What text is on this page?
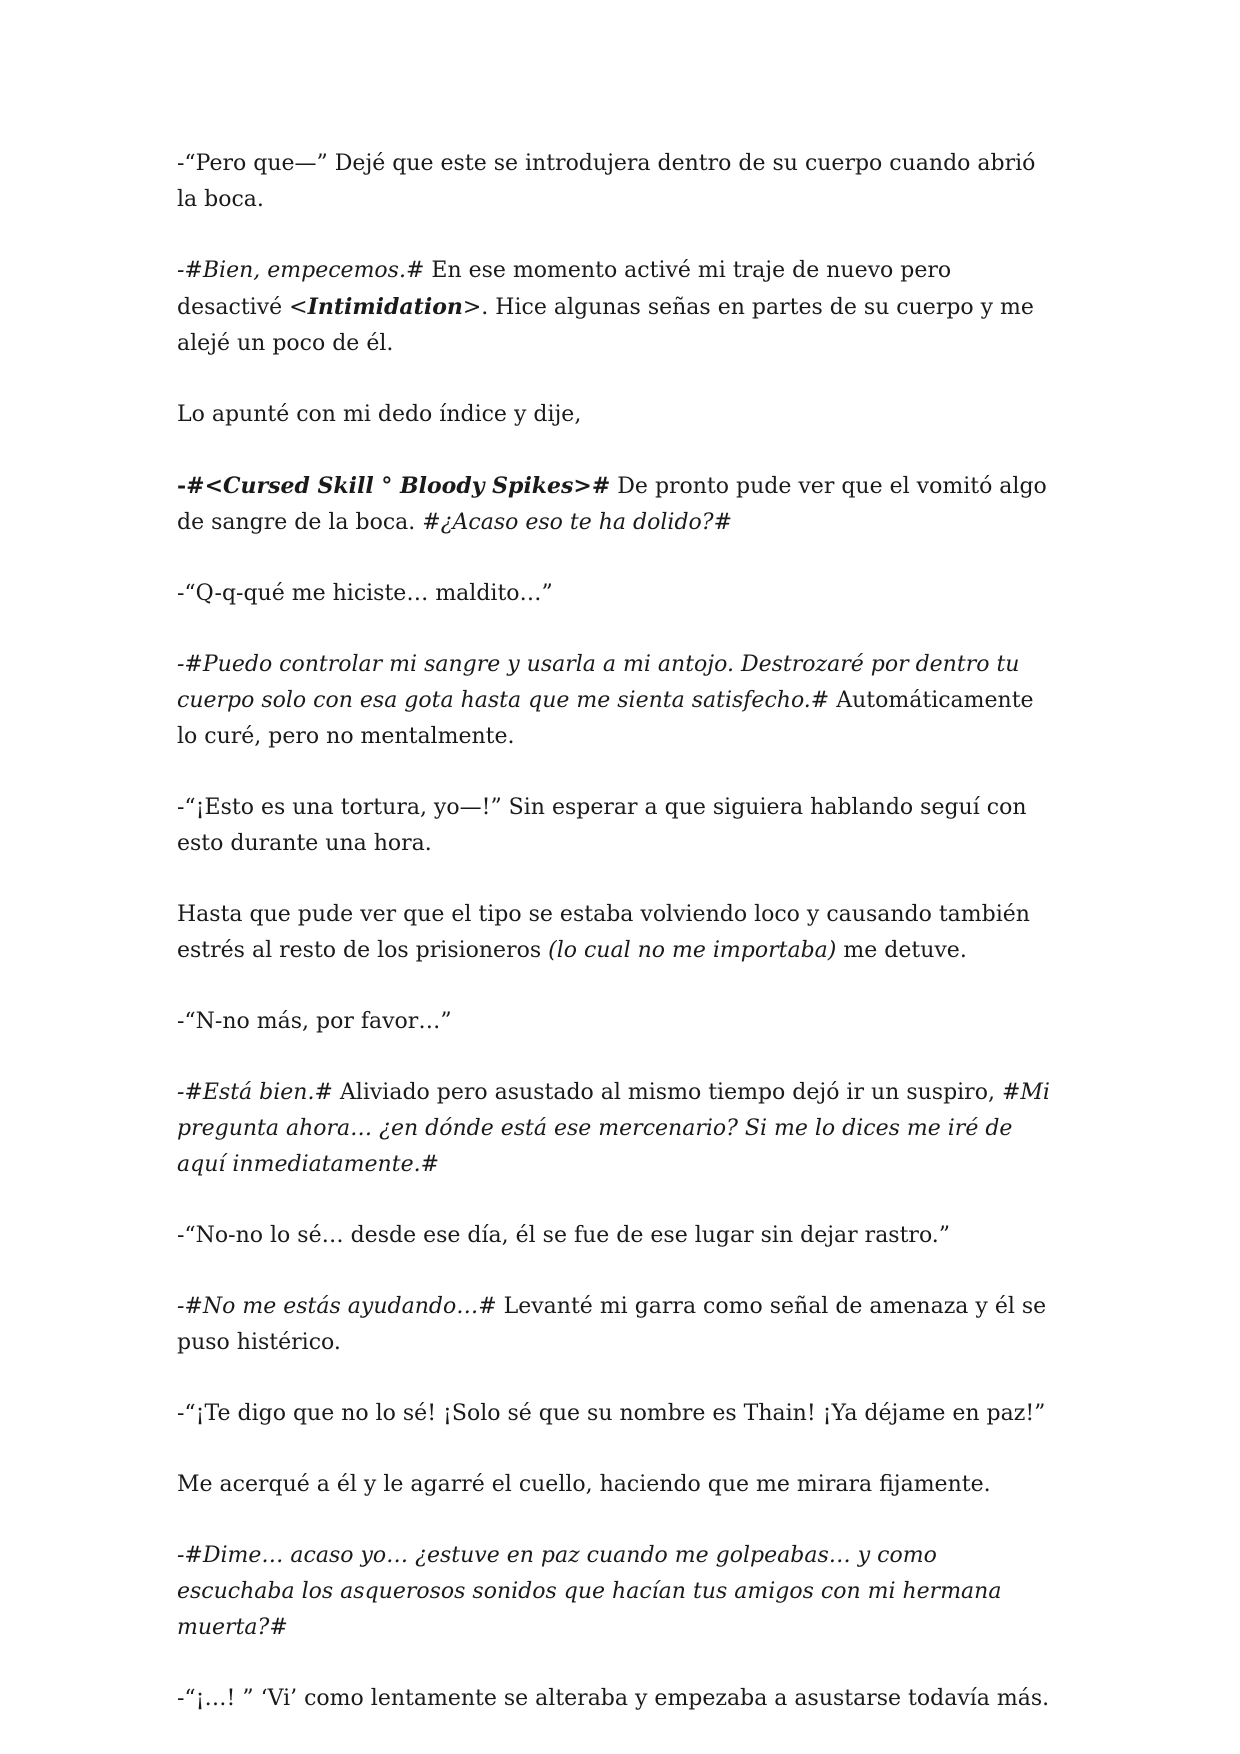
-“Pero que—” Dejé que este se introdujera dentro de su cuerpo cuando abrió la boca.

-#Bien, empecemos.# En ese momento activé mi traje de nuevo pero desactivé <Intimidation>. Hice algunas señas en partes de su cuerpo y me alejé un poco de él.

Lo apunté con mi dedo índice y dije,

-#<Cursed Skill ° Bloody Spikes># De pronto pude ver que el vomitó algo de sangre de la boca. #¿Acaso eso te ha dolido?#

-“Q-q-qué me hiciste… maldito…”

-#Puedo controlar mi sangre y usarla a mi antojo. Destrozaré por dentro tu cuerpo solo con esa gota hasta que me sienta satisfecho.# Automáticamente lo curé, pero no mentalmente.

-“¡Esto es una tortura, yo—!” Sin esperar a que siguiera hablando seguí con esto durante una hora.

Hasta que pude ver que el tipo se estaba volviendo loco y causando también estrés al resto de los prisioneros (lo cual no me importaba) me detuve.

-“N-no más, por favor…”

-#Está bien.# Aliviado pero asustado al mismo tiempo dejó ir un suspiro, #Mi pregunta ahora… ¿en dónde está ese mercenario? Si me lo dices me iré de aquí inmediatamente.#

-“No-no lo sé… desde ese día, él se fue de ese lugar sin dejar rastro.”

-#No me estás ayudando…# Levanté mi garra como señal de amenaza y él se puso histérico.

-“¡Te digo que no lo sé! ¡Solo sé que su nombre es Thain! ¡Ya déjame en paz!”

Me acerqué a él y le agarré el cuello, haciendo que me mirara fijamente.

-#Dime… acaso yo… ¿estuve en paz cuando me golpeabas… y como escuchaba los asquerosos sonidos que hacían tus amigos con mi hermana muerta?#

-“¡…! ” ‘Vi’ como lentamente se alteraba y empezaba a asustarse todavía más.
